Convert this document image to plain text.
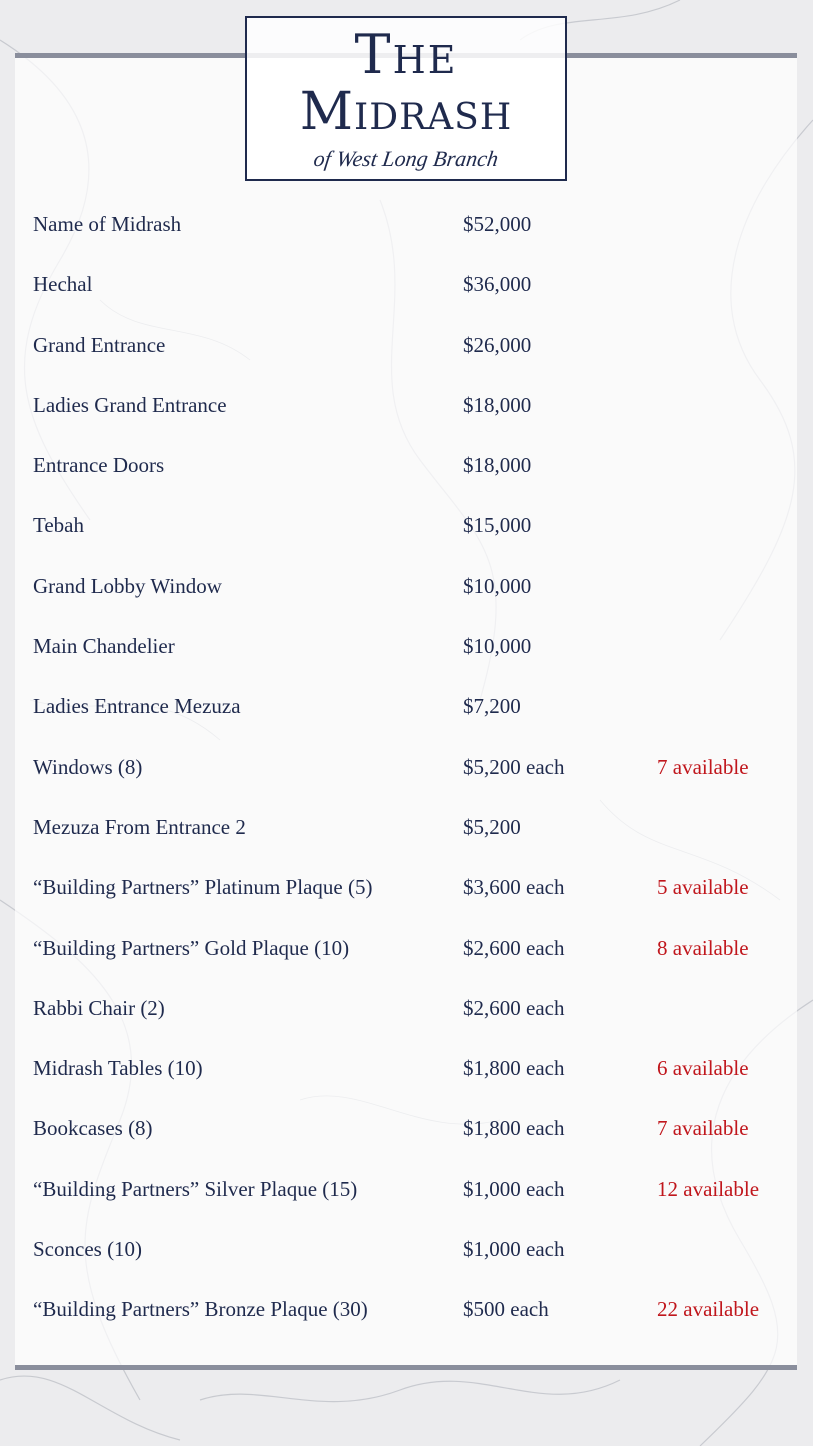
The
Midrash
of West Long Branch
Name of Midrash	$52,000
Hechal	$36,000
Grand Entrance	$26,000
Ladies Grand Entrance	$18,000
Entrance Doors	$18,000
Tebah	$15,000
Grand Lobby Window	$10,000
Main Chandelier	$10,000
Ladies Entrance Mezuza	$7,200
Windows (8)	$5,200 each	7 available
Mezuza From Entrance 2	$5,200
“Building Partners” Platinum Plaque (5)	$3,600 each	5 available
“Building Partners” Gold Plaque (10)	$2,600 each	8 available
Rabbi Chair (2)	$2,600 each
Midrash Tables (10)	$1,800 each	6 available
Bookcases (8)	$1,800 each	7 available
“Building Partners” Silver Plaque (15)	$1,000 each	12 available
Sconces (10)	$1,000 each
“Building Partners” Bronze Plaque (30)	$500 each	22 available
